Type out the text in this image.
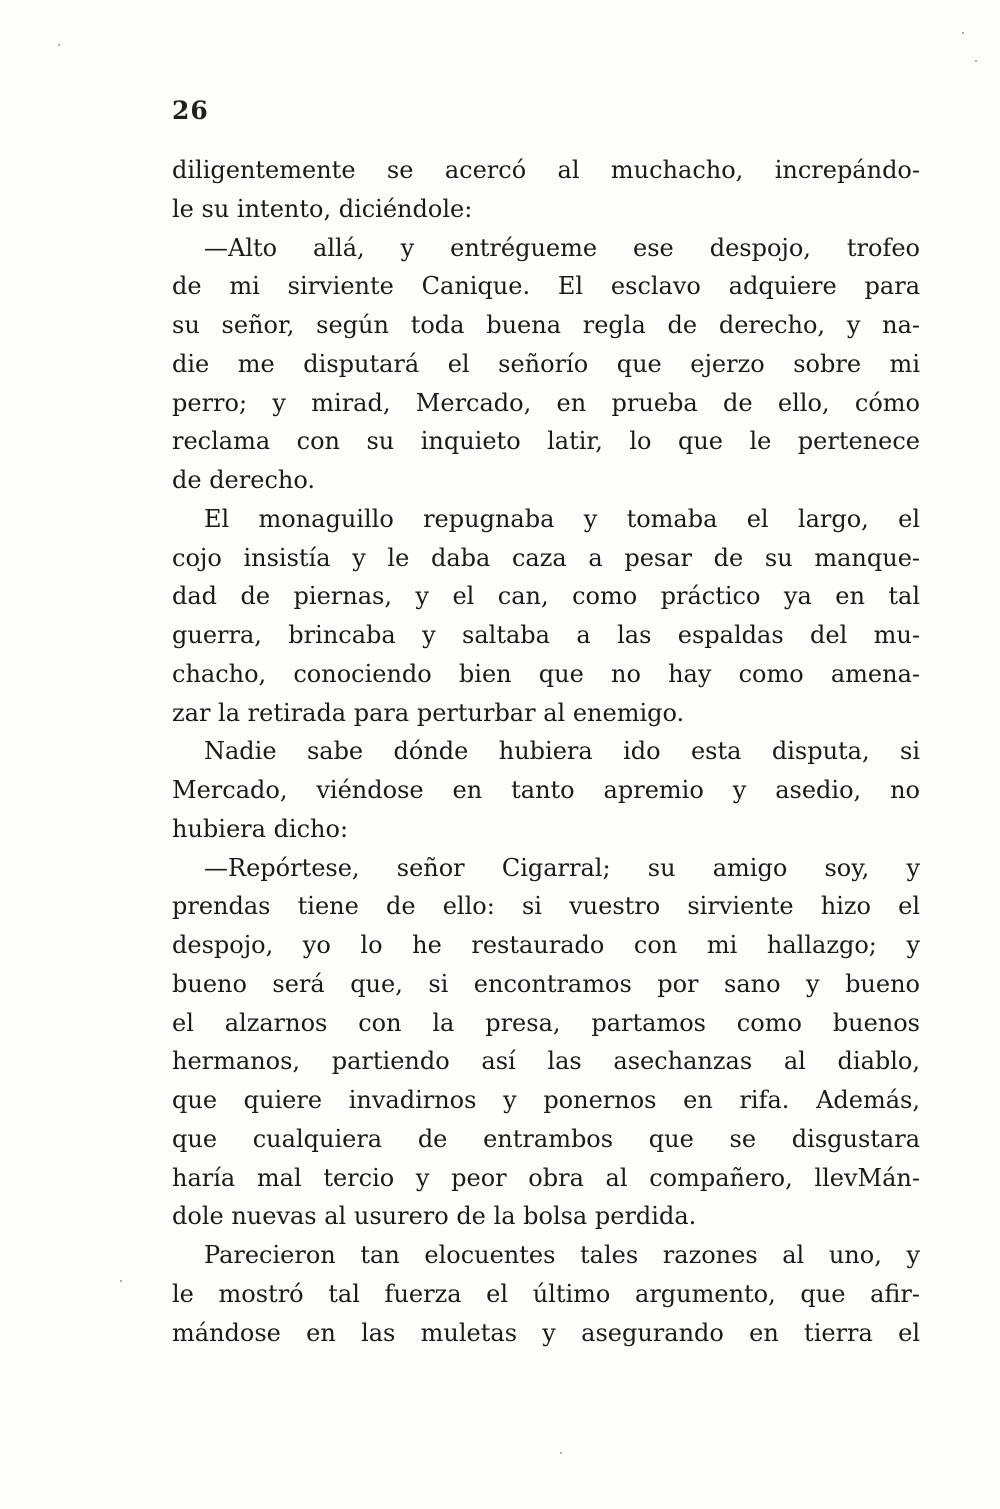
26
diligentemente se acercó al muchacho, increpándo-
le su intento, diciéndole:
—Alto allá, y entrégueme ese despojo, trofeo
de mi sirviente Canique. El esclavo adquiere para
su señor, según toda buena regla de derecho, y na-
die me disputará el señorío que ejerzo sobre mi
perro; y mirad, Mercado, en prueba de ello, cómo
reclama con su inquieto latir, lo que le pertenece
de derecho.
El monaguillo repugnaba y tomaba el largo, el
cojo insistía y le daba caza a pesar de su manque-
dad de piernas, y el can, como práctico ya en tal
guerra, brincaba y saltaba a las espaldas del mu-
chacho, conociendo bien que no hay como amena-
zar la retirada para perturbar al enemigo.
Nadie sabe dónde hubiera ido esta disputa, si
Mercado, viéndose en tanto apremio y asedio, no
hubiera dicho:
—Repórtese, señor Cigarral; su amigo soy, y
prendas tiene de ello: si vuestro sirviente hizo el
despojo, yo lo he restaurado con mi hallazgo; y
bueno será que, si encontramos por sano y bueno
el alzarnos con la presa, partamos como buenos
hermanos, partiendo así las asechanzas al diablo,
que quiere invadirnos y ponernos en rifa. Además,
que cualquiera de entrambos que se disgustara
haría mal tercio y peor obra al compañero, llevMán-
dole nuevas al usurero de la bolsa perdida.
Parecieron tan elocuentes tales razones al uno, y
le mostró tal fuerza el último argumento, que afir-
mándose en las muletas y asegurando en tierra el
